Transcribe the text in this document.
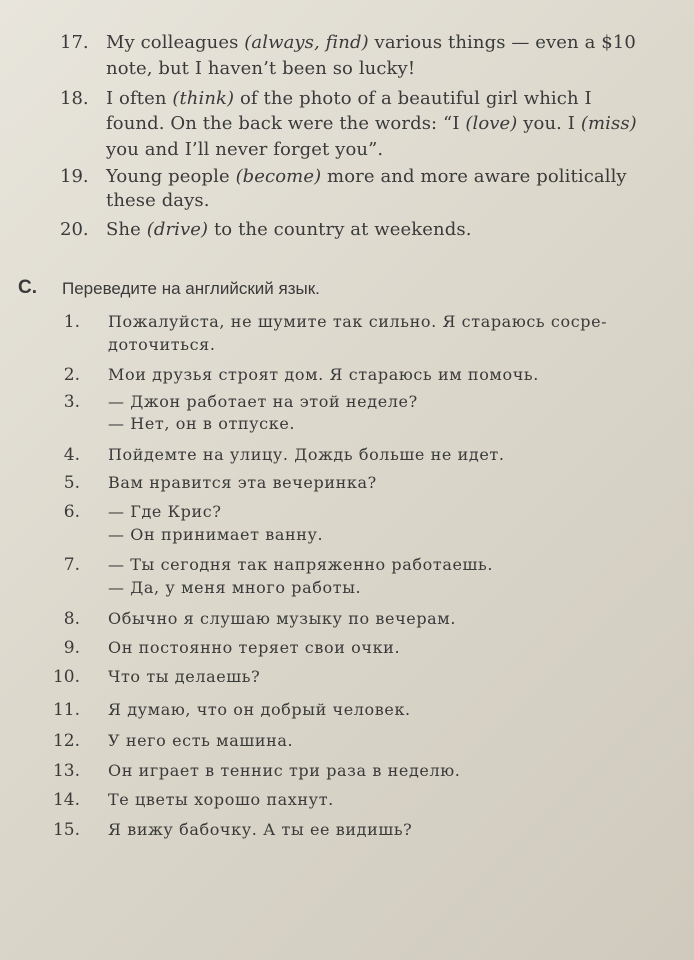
17. My colleagues (always, find) various things — even a $10

note, but I haven’t been so lucky!

18. I often (think) of the photo of a beautiful girl which I

found. On the back were the words: “I (love) you. I (miss)

you and I’ll never forget you”.

19. Young people (become) more and more aware politically

these days.

20. She (drive) to the country at weekends.

C. Переведите на английский язык.

1. Пожалуйста, не шумите так сильно. Я стараюсь сосре-

доточиться.

2. Мои друзья строят дом. Я стараюсь им помочь.

3. — Джон работает на этой неделе?

— Нет, он в отпуске.

4. Пойдемте на улицу. Дождь больше не идет.

5. Вам нравится эта вечеринка?

6. — Где Крис?

— Он принимает ванну.

7. — Ты сегодня так напряженно работаешь.

— Да, у меня много работы.

8. Обычно я слушаю музыку по вечерам.

9. Он постоянно теряет свои очки.

10. Что ты делаешь?

11. Я думаю, что он добрый человек.

12. У него есть машина.

13. Он играет в теннис три раза в неделю.

14. Те цветы хорошо пахнут.

15. Я вижу бабочку. А ты ее видишь?
